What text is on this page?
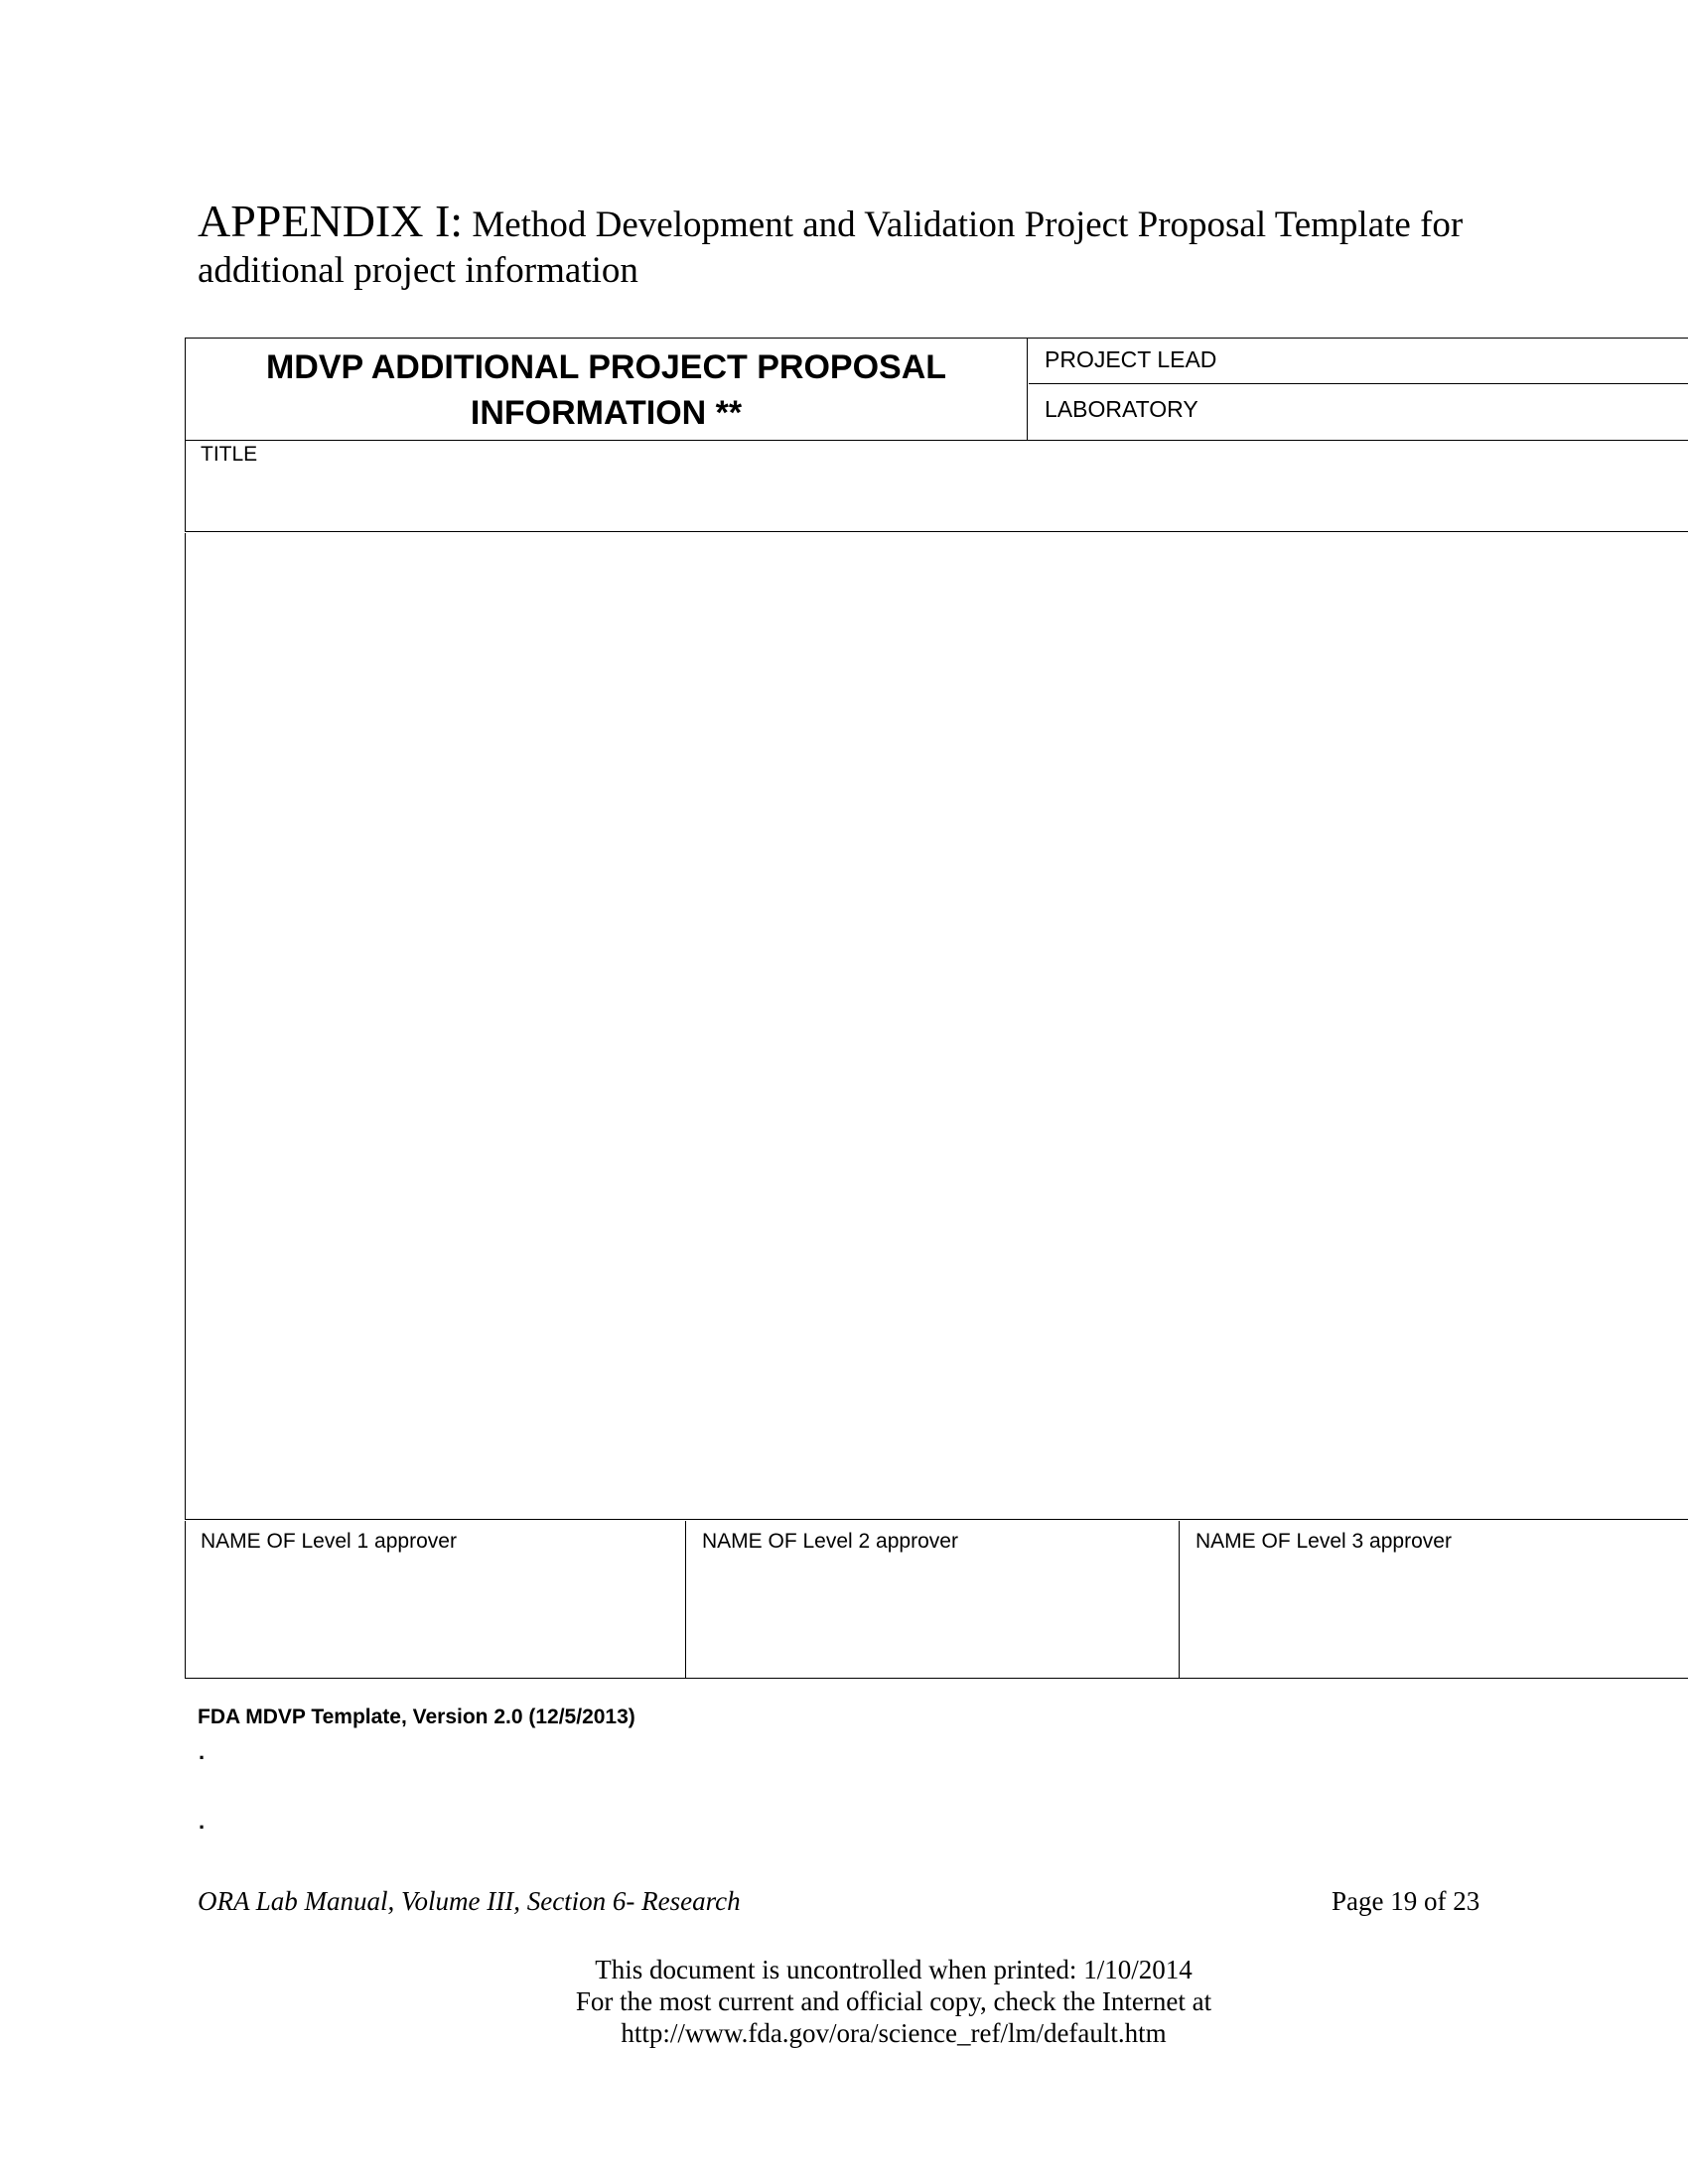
APPENDIX I: Method Development and Validation Project Proposal Template for additional project information
MDVP ADDITIONAL PROJECT PROPOSAL
INFORMATION **
PROJECT LEAD
LABORATORY
TITLE
NAME OF Level 1 approver	NAME OF Level 2 approver	NAME OF Level 3 approver
FDA MDVP Template, Version 2.0 (12/5/2013)
.
.
ORA Lab Manual, Volume III, Section 6- Research	Page 19 of 23
This document is uncontrolled when printed: 1/10/2014
For the most current and official copy, check the Internet at
http://www.fda.gov/ora/science_ref/lm/default.htm
